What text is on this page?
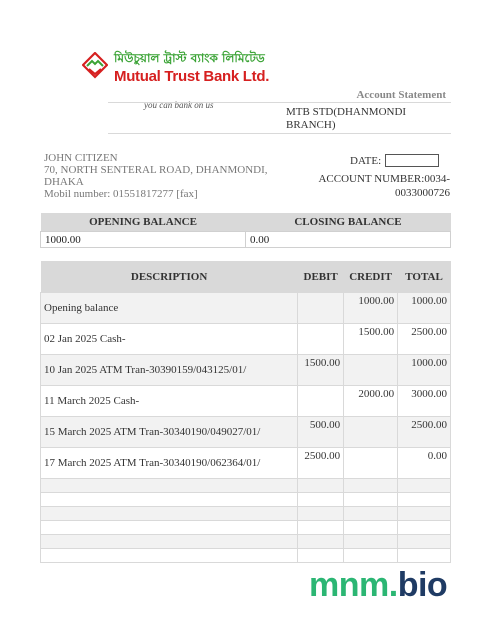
মিউচুয়াল ট্রাস্ট ব্যাংক লিমিটেড
Mutual Trust Bank Ltd.
you can bank on us
Account Statement
MTB STD(DHANMONDI BRANCH)
JOHN CITIZEN
70, NORTH SENTERAL ROAD, DHANMONDI, DHAKA
Mobil number: 01551817277 [fax]
DATE:
ACCOUNT NUMBER:0034-0033000726
OPENING BALANCE	CLOSING BALANCE
1000.00	0.00
DESCRIPTION	DEBIT	CREDIT	TOTAL
Opening balance		1000.00	1000.00
02 Jan 2025 Cash-		1500.00	2500.00
10 Jan 2025 ATM Tran-30390159/043125/01/	1500.00		1000.00
11 March 2025 Cash-		2000.00	3000.00
15 March 2025 ATM Tran-30340190/049027/01/	500.00		2500.00
17 March 2025 ATM Tran-30340190/062364/01/	2500.00		0.00

mnm.bio
